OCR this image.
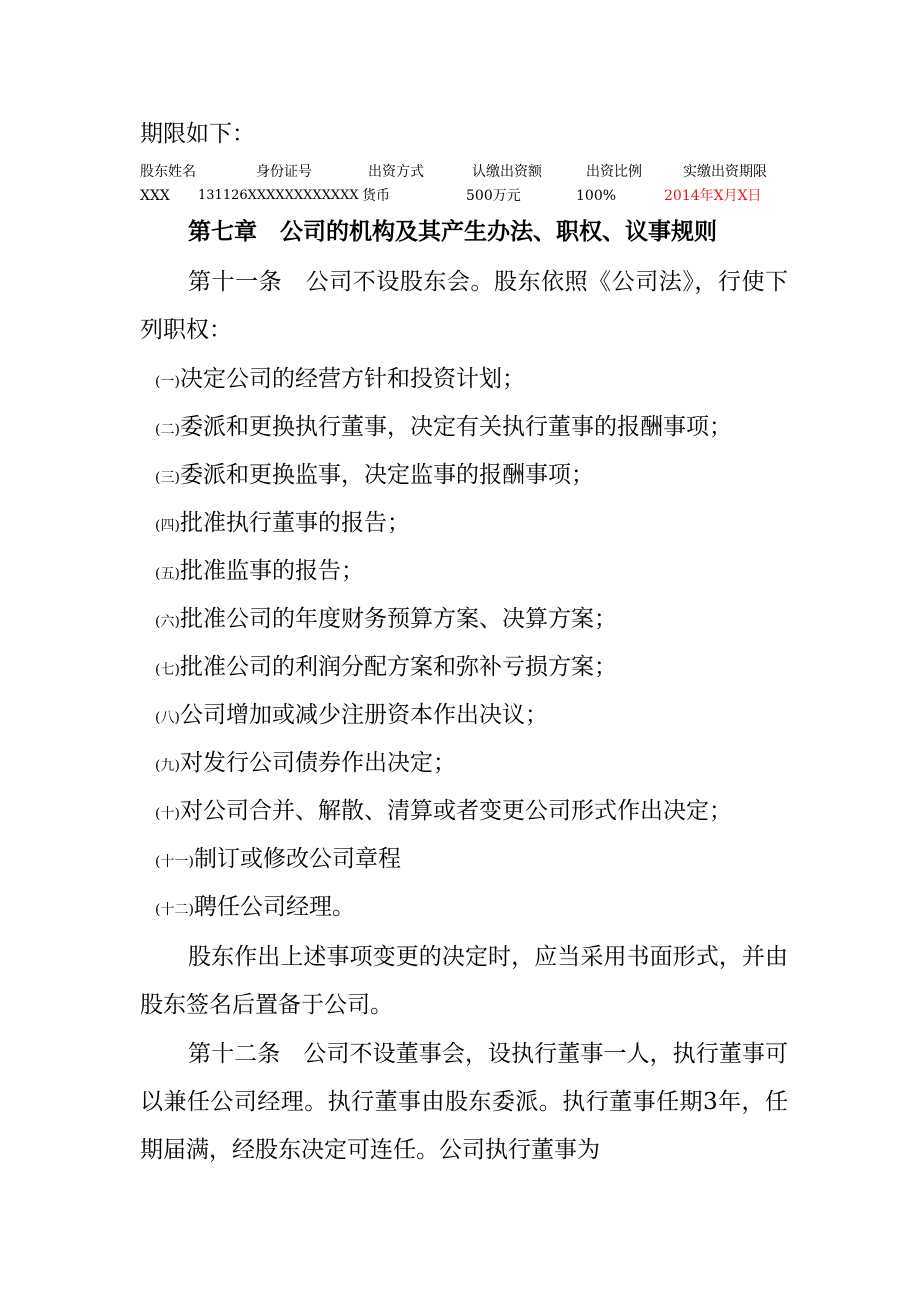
期限如下：
股东姓名	身份证号	出资方式	认缴出资额	出资比例	实缴出资期限
XXX 131126XXXXXXXXXXXX 货币	500万元	100%	2014年X月X日
第七章　公司的机构及其产生办法、职权、议事规则

第十一条　公司不设股东会。股东依照《公司法》，行使下列职权：

(一)决定公司的经营方针和投资计划；
(二)委派和更换执行董事，决定有关执行董事的报酬事项；
(三)委派和更换监事，决定监事的报酬事项；
(四)批准执行董事的报告；
(五)批准监事的报告；
(六)批准公司的年度财务预算方案、决算方案；
(七)批准公司的利润分配方案和弥补亏损方案；
(八)公司增加或减少注册资本作出决议；
(九)对发行公司债券作出决定；
(十)对公司合并、解散、清算或者变更公司形式作出决定；
(十一)制订或修改公司章程
(十二)聘任公司经理。

股东作出上述事项变更的决定时，应当采用书面形式，并由股东签名后置备于公司。

第十二条　公司不设董事会，设执行董事一人，执行董事可以兼任公司经理。执行董事由股东委派。执行董事任期3年，任期届满，经股东决定可连任。公司执行董事为
